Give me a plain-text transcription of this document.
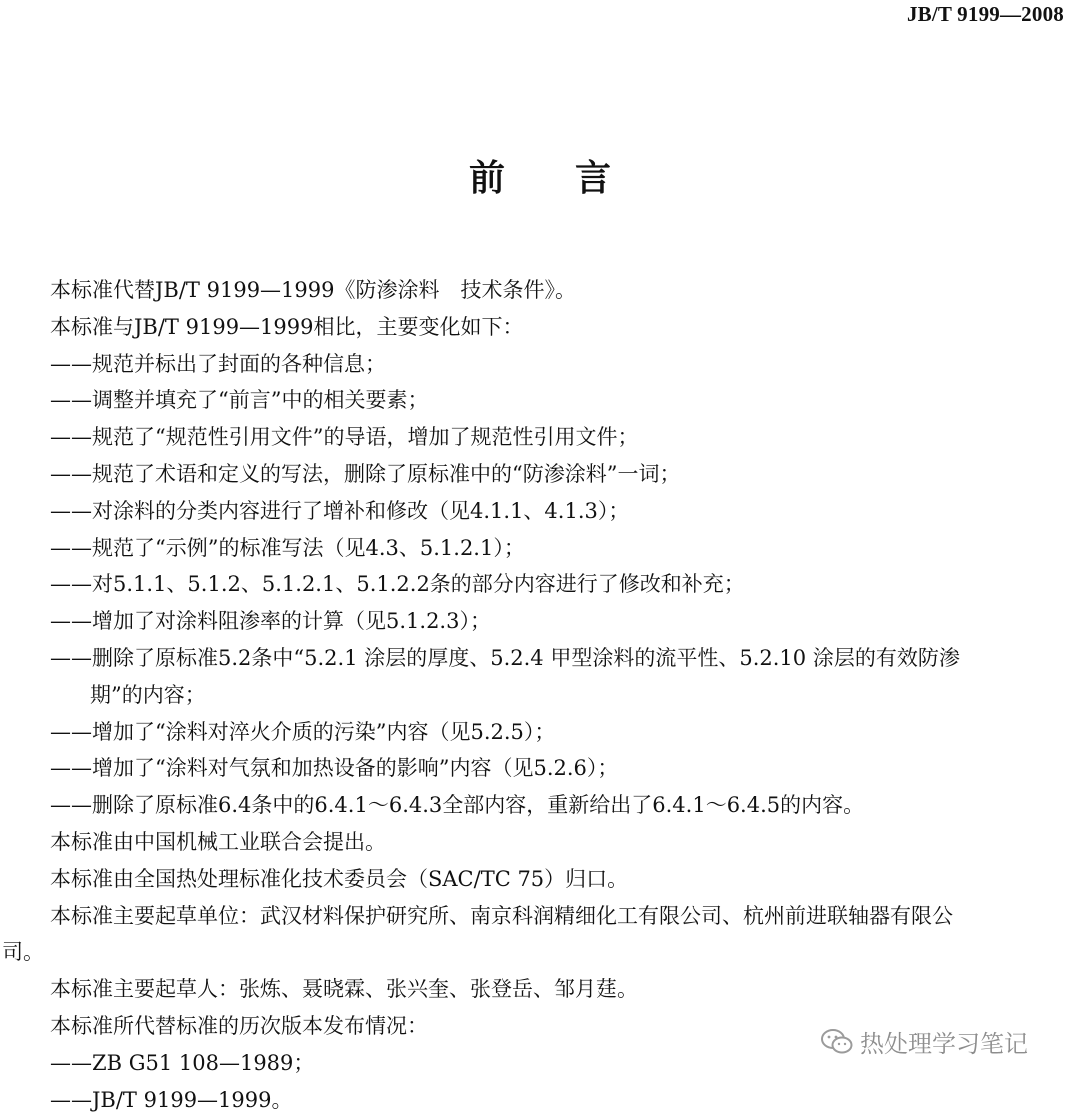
JB/T 9199—2008
前 言
本标准代替JB/T 9199—1999《防渗涂料　技术条件》。
本标准与JB/T 9199—1999相比，主要变化如下：
——规范并标出了封面的各种信息；
——调整并填充了“前言”中的相关要素；
——规范了“规范性引用文件”的导语，增加了规范性引用文件；
——规范了术语和定义的写法，删除了原标准中的“防渗涂料”一词；
——对涂料的分类内容进行了增补和修改（见4.1.1、4.1.3）；
——规范了“示例”的标准写法（见4.3、5.1.2.1）；
——对5.1.1、5.1.2、5.1.2.1、5.1.2.2条的部分内容进行了修改和补充；
——增加了对涂料阻渗率的计算（见5.1.2.3）；
——删除了原标准5.2条中“5.2.1 涂层的厚度、5.2.4 甲型涂料的流平性、5.2.10 涂层的有效防渗
期”的内容；
——增加了“涂料对淬火介质的污染”内容（见5.2.5）；
——增加了“涂料对气氛和加热设备的影响”内容（见5.2.6）；
——删除了原标准6.4条中的6.4.1～6.4.3全部内容，重新给出了6.4.1～6.4.5的内容。
本标准由中国机械工业联合会提出。
本标准由全国热处理标准化技术委员会（SAC/TC 75）归口。
本标准主要起草单位：武汉材料保护研究所、南京科润精细化工有限公司、杭州前进联轴器有限公
司。
本标准主要起草人：张炼、聂晓霖、张兴奎、张登岳、邹月莛。
本标准所代替标准的历次版本发布情况：
——ZB G51 108—1989；
——JB/T 9199—1999。
热处理学习笔记
